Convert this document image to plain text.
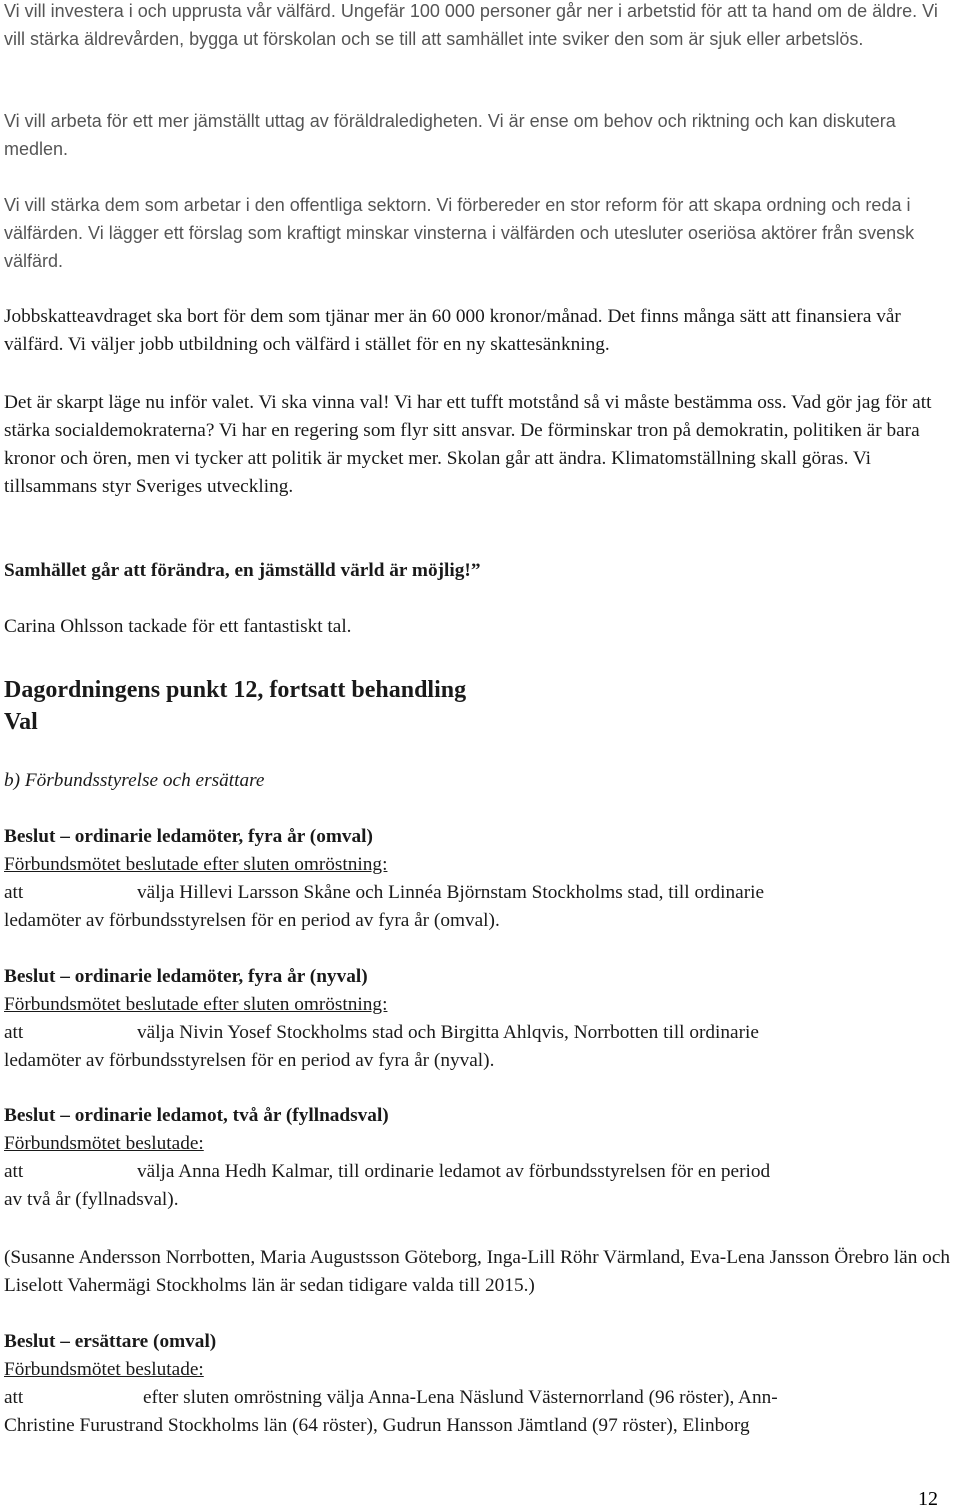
Vi vill investera i och upprusta vår välfärd. Ungefär 100 000 personer går ner i arbetstid för att ta hand om de äldre. Vi vill stärka äldrevården, bygga ut förskolan och se till att samhället inte sviker den som är sjuk eller arbetslös.

Vi vill arbeta för ett mer jämställt uttag av föräldraledigheten. Vi är ense om behov och riktning och kan diskutera medlen.

Vi vill stärka dem som arbetar i den offentliga sektorn. Vi förbereder en stor reform för att skapa ordning och reda i välfärden. Vi lägger ett förslag som kraftigt minskar vinsterna i välfärden och utesluter oseriösa aktörer från svensk välfärd.

Jobbskatteavdraget ska bort för dem som tjänar mer än 60 000 kronor/månad. Det finns många sätt att finansiera vår välfärd. Vi väljer jobb utbildning och välfärd i stället för en ny skattesänkning.

Det är skarpt läge nu inför valet. Vi ska vinna val! Vi har ett tufft motstånd så vi måste bestämma oss. Vad gör jag för att stärka socialdemokraterna? Vi har en regering som flyr sitt ansvar. De förminskar tron på demokratin, politiken är bara kronor och ören, men vi tycker att politik är mycket mer. Skolan går att ändra. Klimatomställning skall göras. Vi tillsammans styr Sveriges utveckling.

Samhället går att förändra, en jämställd värld är möjlig!”

Carina Ohlsson tackade för ett fantastiskt tal.

Dagordningens punkt 12, fortsatt behandling
Val

b) Förbundsstyrelse och ersättare

Beslut – ordinarie ledamöter, fyra år (omval)
Förbundsmötet beslutade efter sluten omröstning:
att	välja Hillevi Larsson Skåne och Linnéa Björnstam Stockholms stad, till ordinarie
ledamöter av förbundsstyrelsen för en period av fyra år (omval).
Beslut – ordinarie ledamöter, fyra år (nyval)
Förbundsmötet beslutade efter sluten omröstning:
att	välja Nivin Yosef Stockholms stad och Birgitta Ahlqvis, Norrbotten till ordinarie
ledamöter av förbundsstyrelsen för en period av fyra år (nyval).
Beslut – ordinarie ledamot, två år (fyllnadsval)
Förbundsmötet beslutade:
att	välja Anna Hedh Kalmar, till ordinarie ledamot av förbundsstyrelsen för en period
av två år (fyllnadsval).

(Susanne Andersson Norrbotten, Maria Augustsson Göteborg, Inga-Lill Röhr Värmland, Eva-Lena Jansson Örebro län och Liselott Vahermägi Stockholms län är sedan tidigare valda till 2015.)

Beslut – ersättare (omval)
Förbundsmötet beslutade:
att	efter sluten omröstning välja Anna-Lena Näslund Västernorrland (96 röster), Ann-
Christine Furustrand Stockholms län (64 röster), Gudrun Hansson Jämtland (97 röster), Elinborg
12
